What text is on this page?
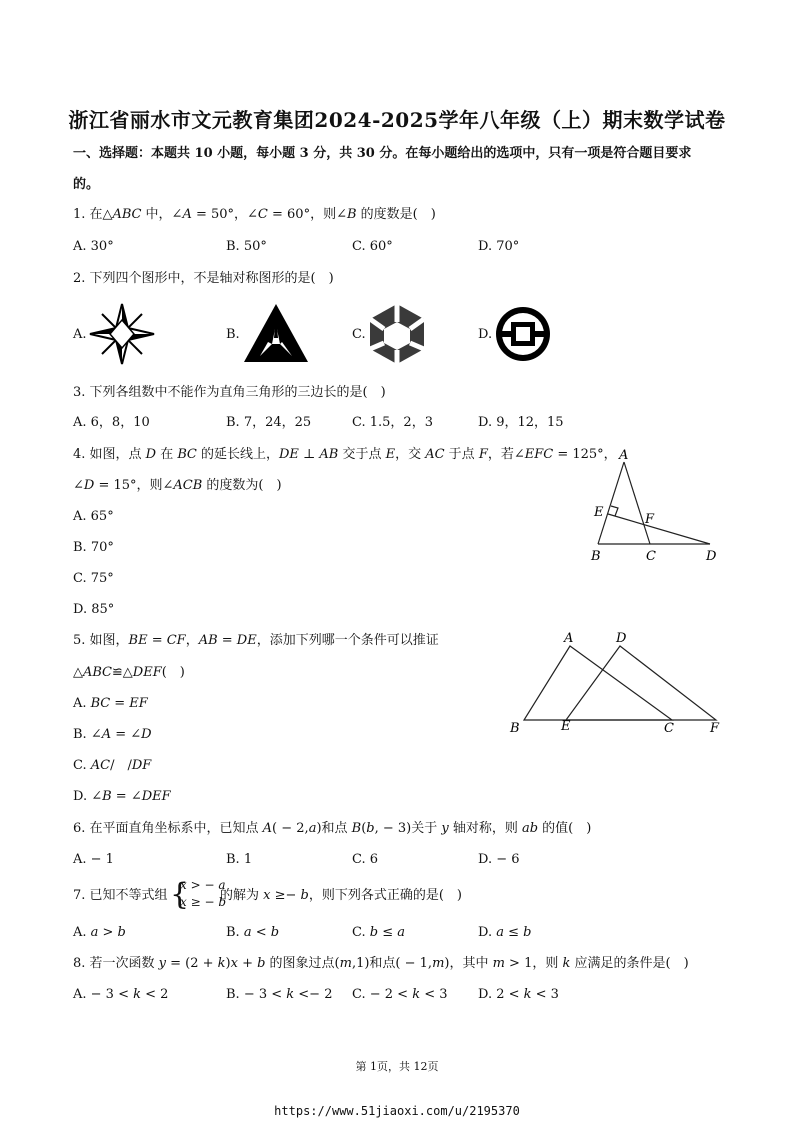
浙江省丽水市文元教育集团2024-2025学年八年级（上）期末数学试卷
一、选择题：本题共 10 小题，每小题 3 分，共 30 分。在每小题给出的选项中，只有一项是符合题目要求
的。
1. 在△𝐴𝐵𝐶 中，∠𝐴 = 50°，∠𝐶 = 60°，则∠𝐵 的度数是(　)
A. 30°	B. 50°	C. 60°	D. 70°
2. 下列四个图形中，不是轴对称图形的是(　)
A.	B.	C.	D.
3. 下列各组数中不能作为直角三角形的三边长的是(　)
A. 6，8，10	B. 7，24，25	C. 1.5，2，3	D. 9，12，15
4. 如图，点 𝐷 在 𝐵𝐶 的延长线上，𝐷𝐸 ⊥ 𝐴𝐵 交于点 𝐸，交 𝐴𝐶 于点 𝐹，若∠𝐸𝐹𝐶 = 125°，
∠𝐷 = 15°，则∠𝐴𝐶𝐵 的度数为(　)
A. 65°
B. 70°
C. 75°
D. 85°
A
B	C	D
E	F
5. 如图，𝐵𝐸 = 𝐶𝐹，𝐴𝐵 = 𝐷𝐸，添加下列哪一个条件可以推证
△𝐴𝐵𝐶≌△𝐷𝐸𝐹(　)
A. 𝐵𝐶 = 𝐸𝐹
B. ∠𝐴 = ∠𝐷
C. 𝐴𝐶/　/𝐷𝐹
D. ∠𝐵 = ∠𝐷𝐸𝐹
A	D
B	E	C	F
6. 在平面直角坐标系中，已知点 𝐴( − 2,𝑎)和点 𝐵(𝑏, − 3)关于 𝑦 轴对称，则 𝑎𝑏 的值(　)
A. − 1	B. 1	C. 6	D. − 6
7. 已知不等式组 {
𝑥 > − 𝑎
𝑥 ≥ − 𝑏
的解为 𝑥 ≥− 𝑏，则下列各式正确的是(　)
A. 𝑎 > 𝑏	B. 𝑎 < 𝑏	C. 𝑏 ≤ 𝑎	D. 𝑎 ≤ 𝑏
8. 若一次函数 𝑦 = (2 + 𝑘)𝑥 + 𝑏 的图象过点(𝑚,1)和点( − 1,𝑚)，其中 𝑚 > 1，则 𝑘 应满足的条件是(　)
A. − 3 < 𝑘 < 2	B. − 3 < 𝑘 <− 2 C. − 2 < 𝑘 < 3 D. 2 < 𝑘 < 3
第 1页，共 12页
https://www.51jiaoxi.com/u/2195370
